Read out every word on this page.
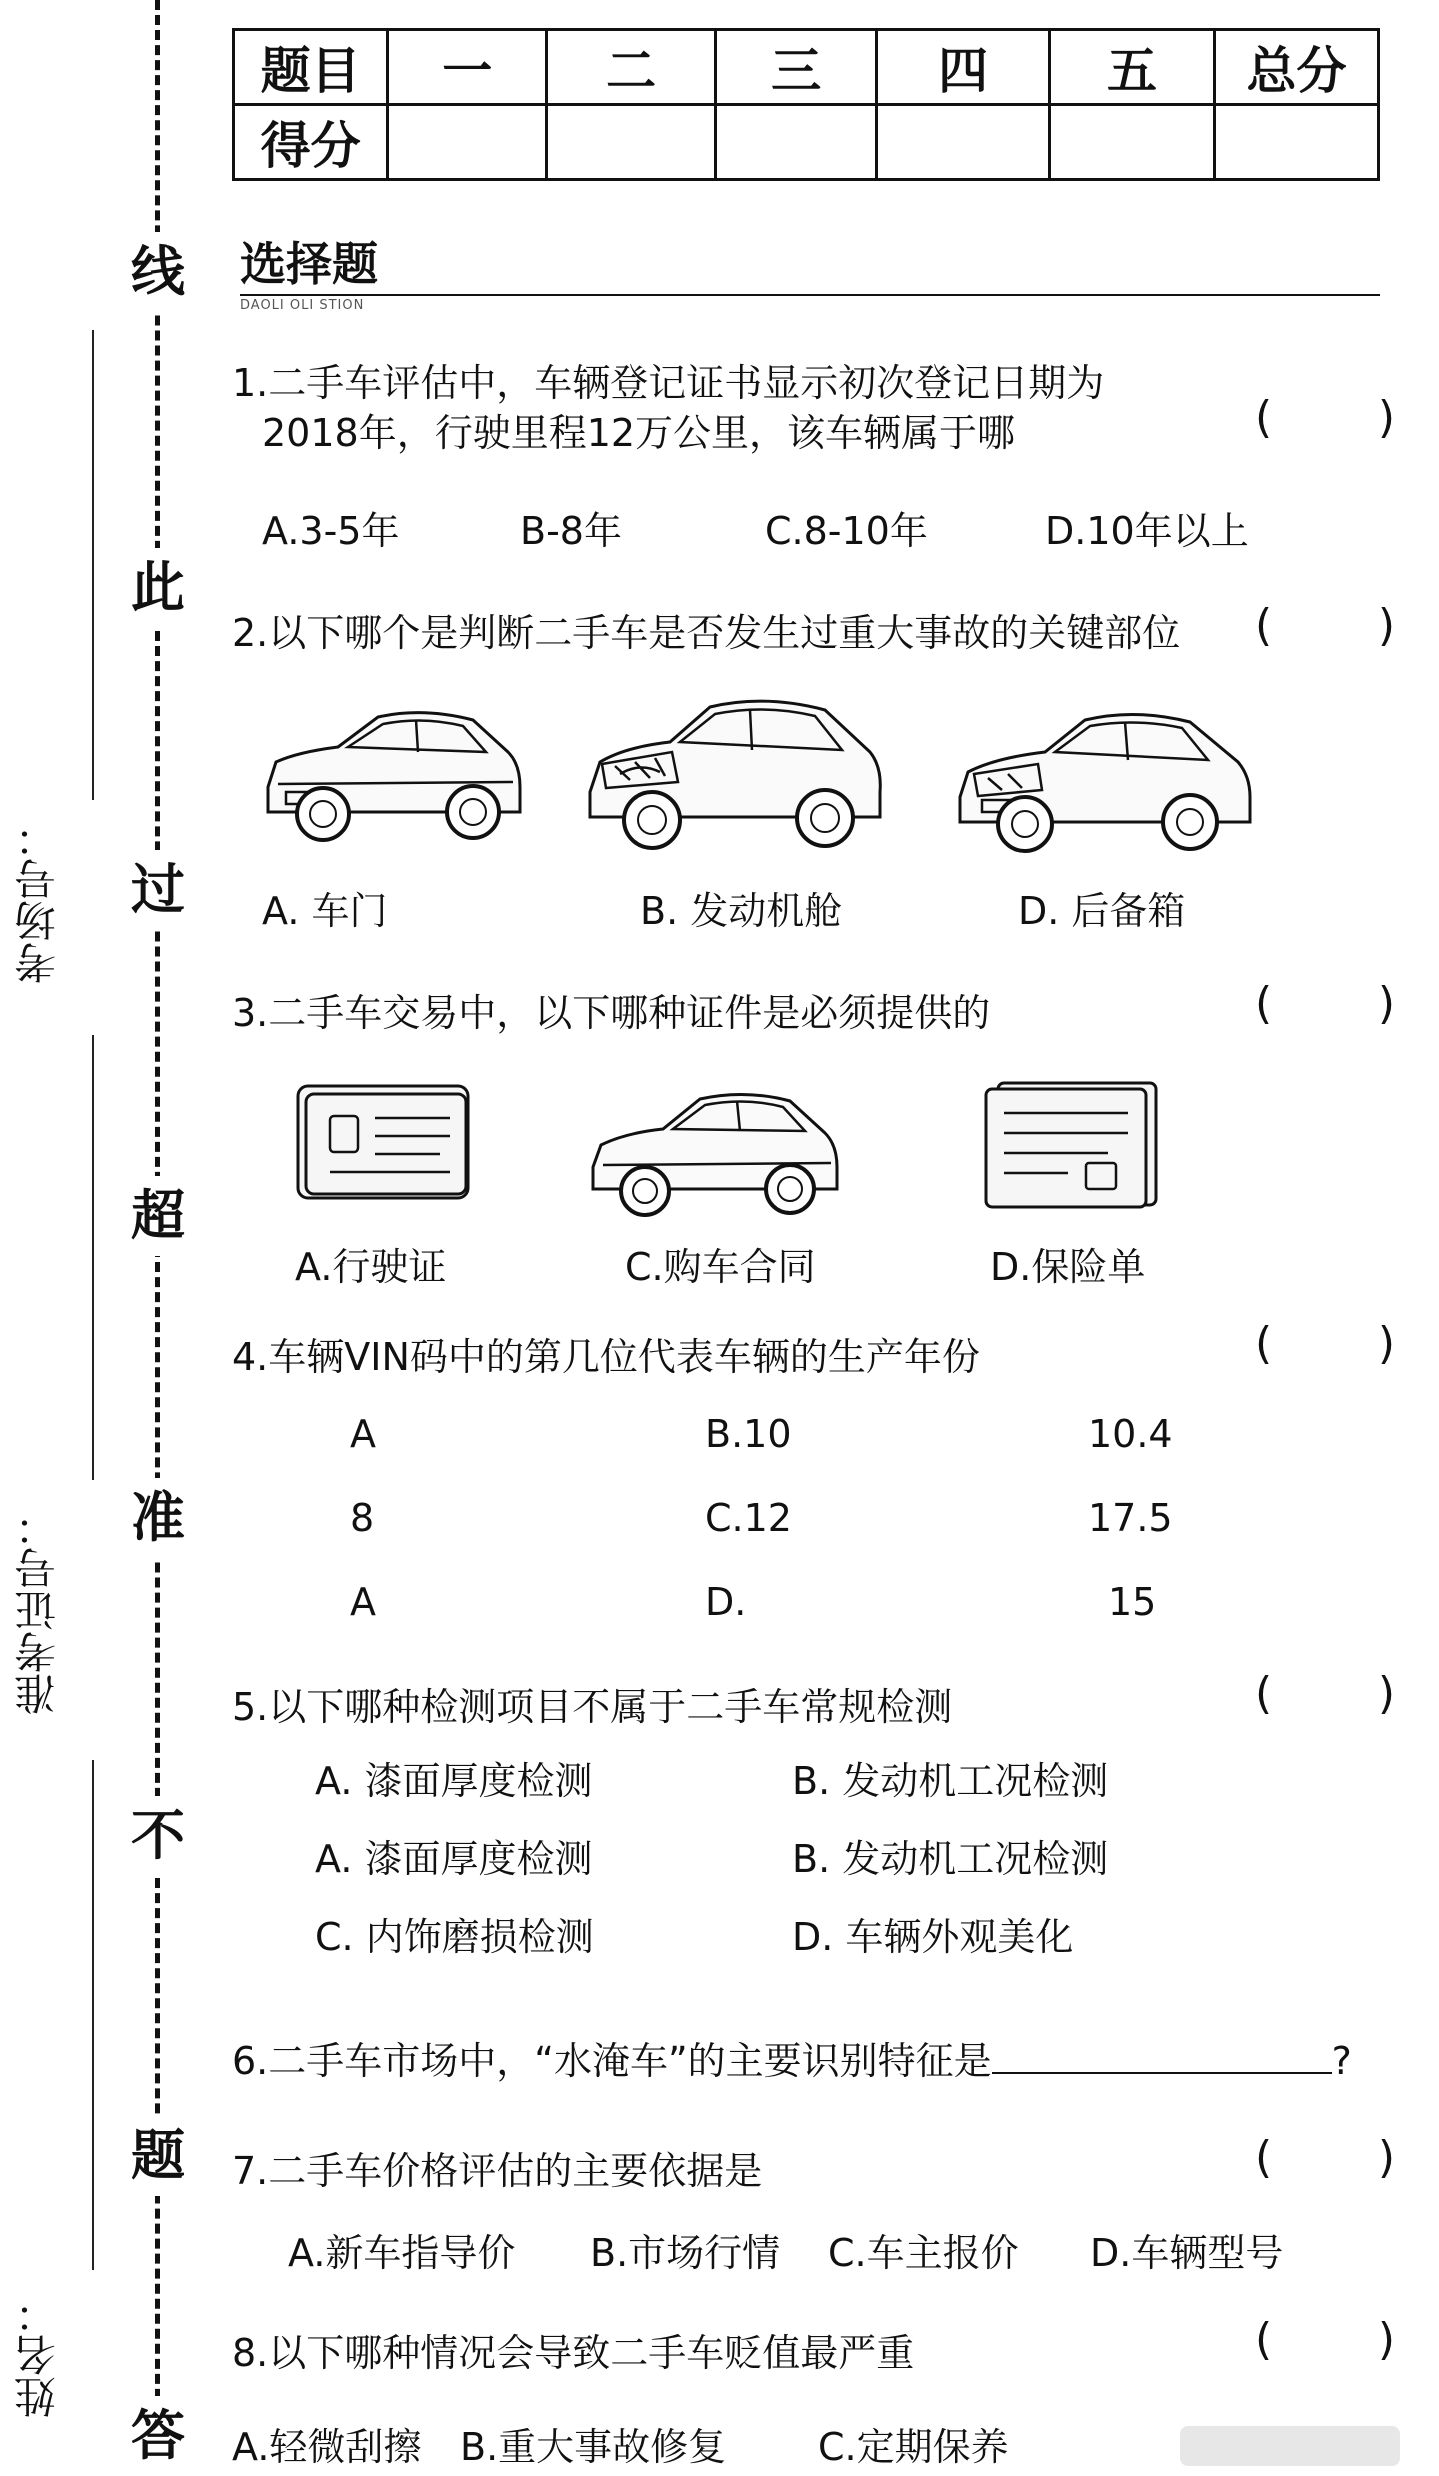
线
此
过
超
准
不
题
答
考场号：
准考证号：
姓名：
题目	一	二	三	四	五	总分
得分						
选择题
DAOLI OLI STION
1.二手车评估中，车辆登记证书显示初次登记日期为
2018年，行驶里程12万公里，该车辆属于哪	( )
A.3-5年	B-8年	C.8-10年	D.10年以上
2.以下哪个是判断二手车是否发生过重大事故的关键部位 ( )
A. 车门	B. 发动机舱	D. 后备箱
3.二手车交易中，以下哪种证件是必须提供的	( )
A.行驶证	C.购车合同	D.保险单
4.车辆VIN码中的第几位代表车辆的生产年份	( )
A	B.10	10.4
8	C.12	17.5
A	D.	15
5.以下哪种检测项目不属于二手车常规检测	( )
A. 漆面厚度检测	B. 发动机工况检测
A. 漆面厚度检测	B. 发动机工况检测
C. 内饰磨损检测	D. 车辆外观美化
6.二手车市场中，“水淹车”的主要识别特征是	?
7.二手车价格评估的主要依据是	( )
A.新车指导价 B.市场行情 C.车主报价 D.车辆型号
8.以下哪种情况会导致二手车贬值最严重	( )
A.轻微刮擦 B.重大事故修复 C.定期保养
